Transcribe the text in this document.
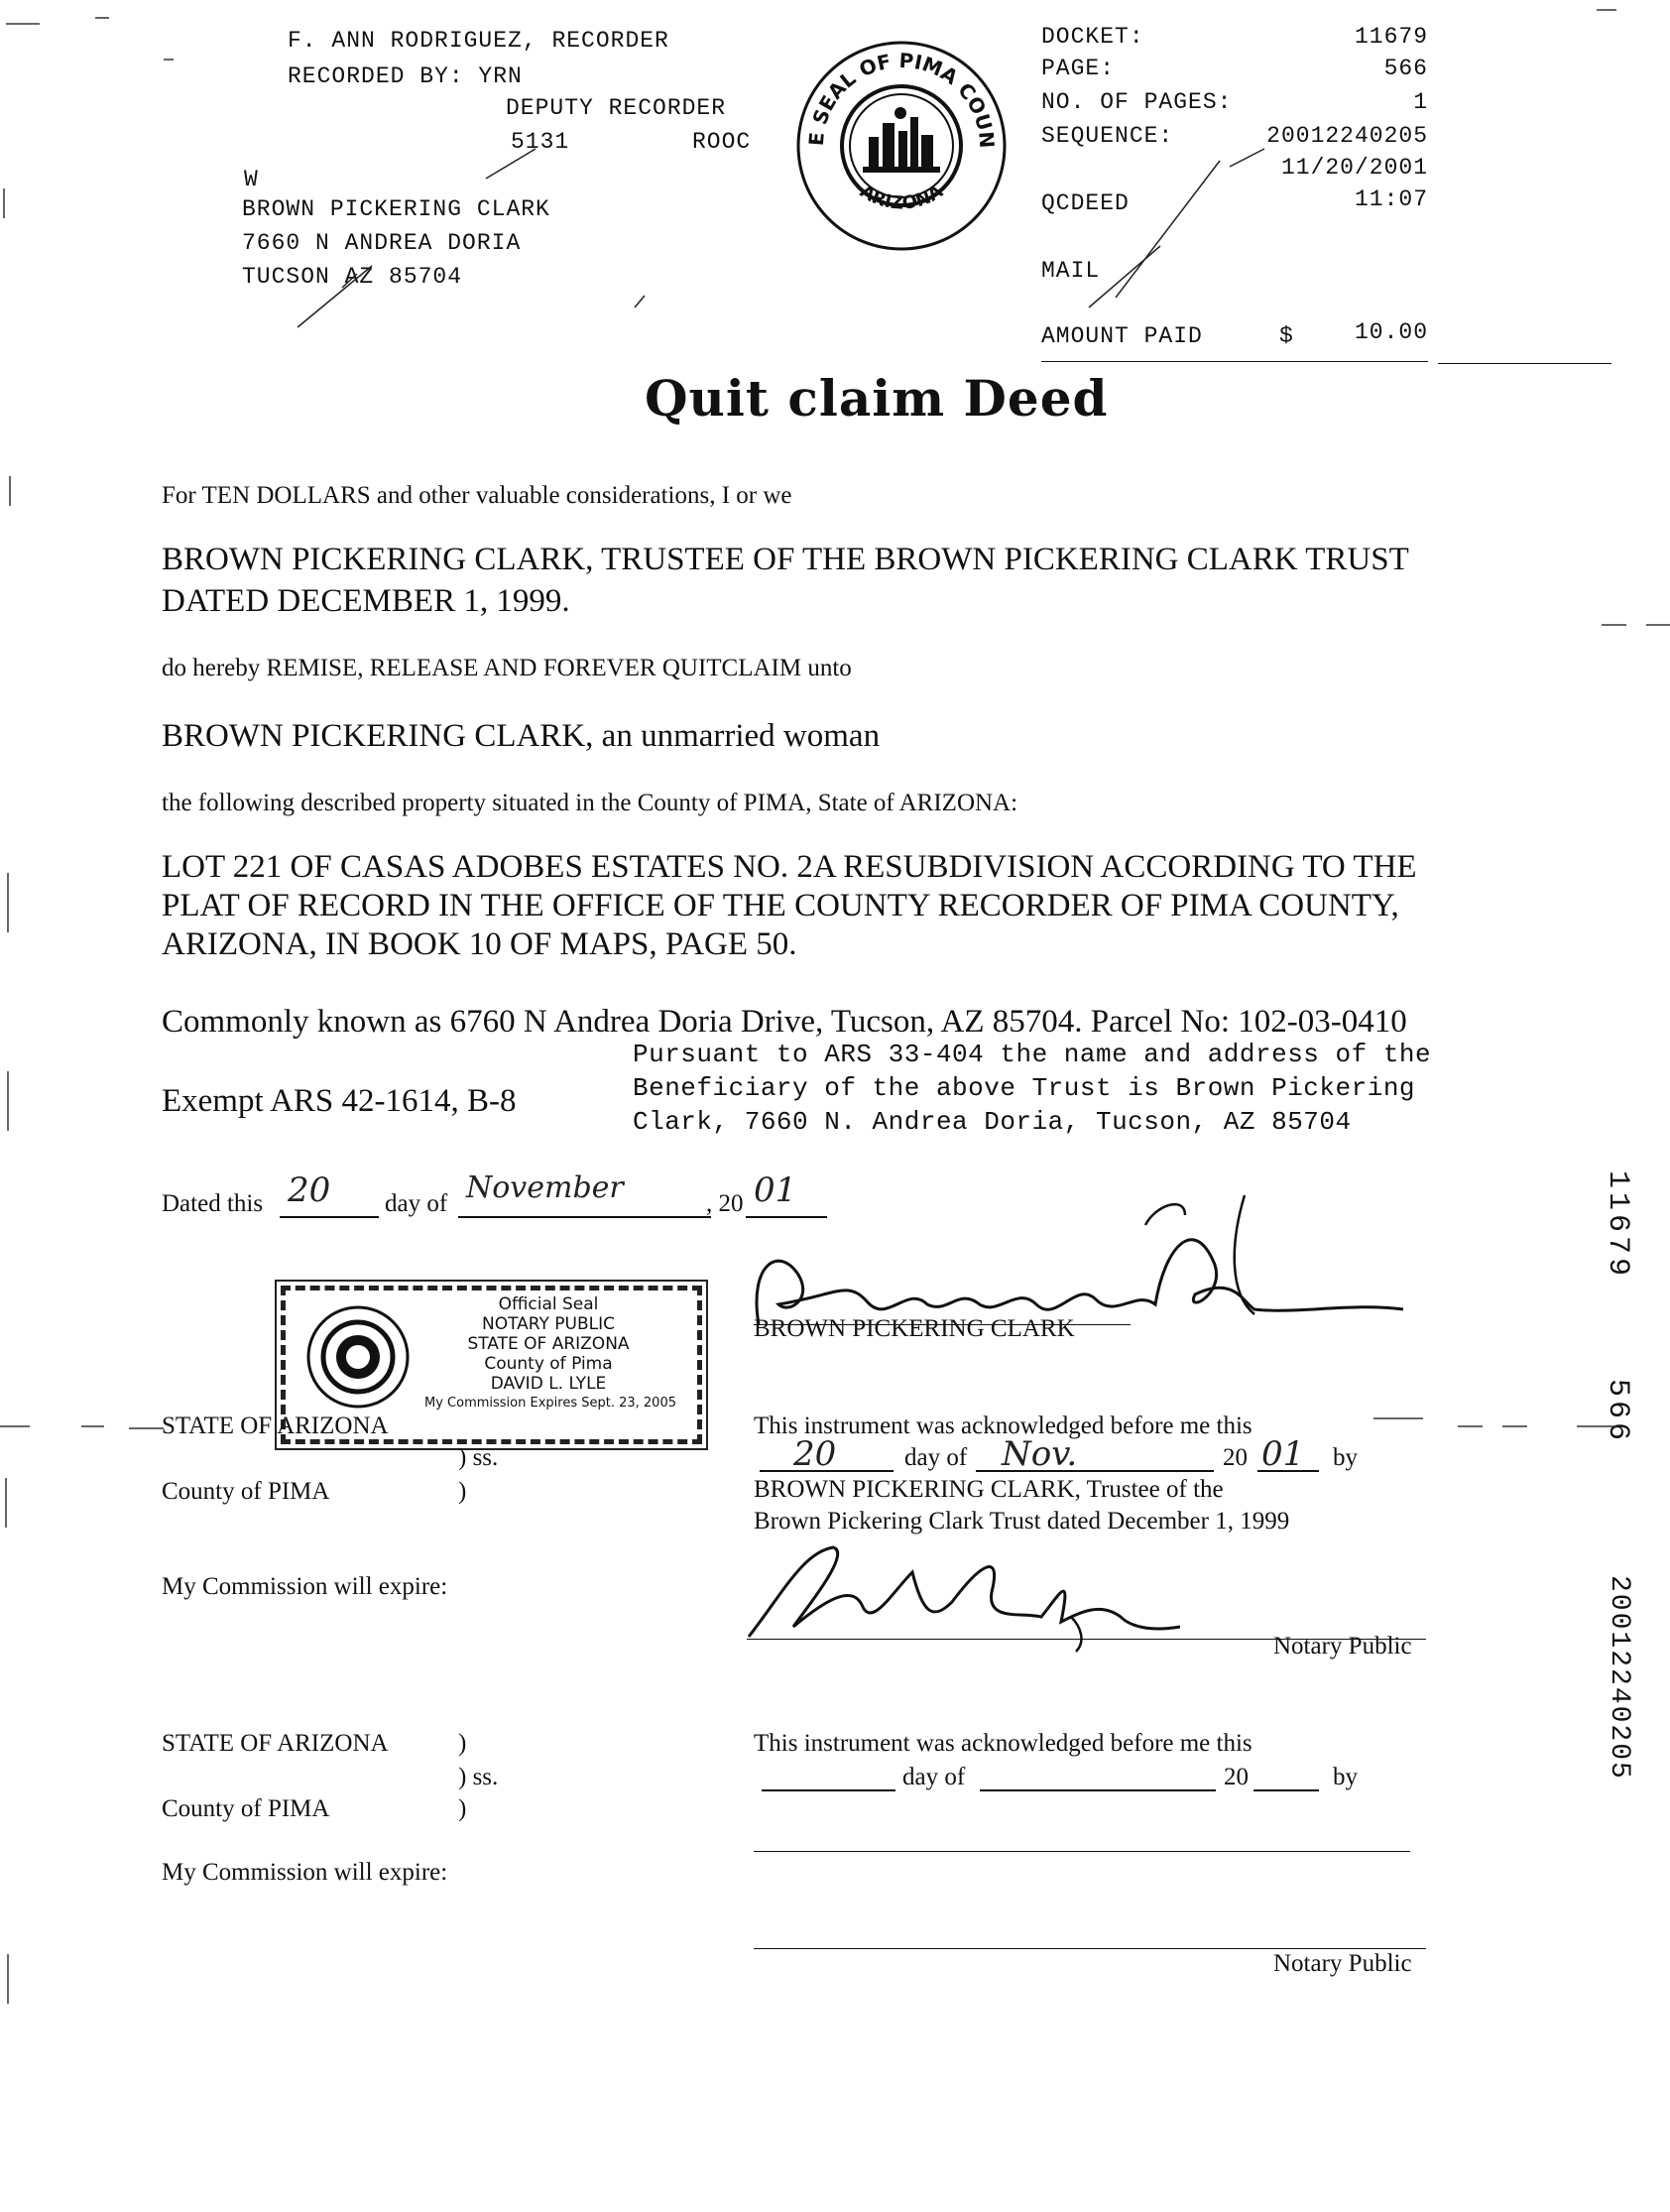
F. ANN RODRIGUEZ, RECORDER
RECORDED BY: YRN
DEPUTY RECORDER
5131	ROOC
W
BROWN PICKERING CLARK
7660 N ANDREA DORIA
TUCSON AZ 85704
THE SEAL OF PIMA COUNTY
ARIZONA
DOCKET:	11679
PAGE:	566
NO. OF PAGES:	1
SEQUENCE:	20012240205
11/20/2001
QCDEED	11:07
MAIL
AMOUNT PAID	$	10.00
Quit claim Deed
For TEN DOLLARS and other valuable considerations, I or we
BROWN PICKERING CLARK, TRUSTEE OF THE BROWN PICKERING CLARK TRUST
DATED DECEMBER 1, 1999.
do hereby REMISE, RELEASE AND FOREVER QUITCLAIM unto
BROWN PICKERING CLARK, an unmarried woman
the following described property situated in the County of PIMA, State of ARIZONA:
LOT 221 OF CASAS ADOBES ESTATES NO. 2A RESUBDIVISION ACCORDING TO THE
PLAT OF RECORD IN THE OFFICE OF THE COUNTY RECORDER OF PIMA COUNTY,
ARIZONA, IN BOOK 10 OF MAPS, PAGE 50.
Commonly known as 6760 N Andrea Doria Drive, Tucson, AZ 85704. Parcel No: 102-03-0410
Pursuant to ARS 33-404 the name and address of the
Beneficiary of the above Trust is Brown Pickering
Clark, 7660 N. Andrea Doria, Tucson, AZ 85704
Exempt ARS 42-1614, B-8
Dated this 20 day of November	, 20 01
BROWN PICKERING CLARK
Official Seal
NOTARY PUBLIC
STATE OF ARIZONA
County of Pima
DAVID L. LYLE
My Commission Expires Sept. 23, 2005
STATE OF ARIZONA
) ss.
County of PIMA	)
My Commission will expire:
This instrument was acknowledged before me this
20	day of Nov.	20 01 by
BROWN PICKERING CLARK, Trustee of the
Brown Pickering Clark Trust dated December 1, 1999
Notary Public
STATE OF ARIZONA	)
) ss.
County of PIMA	)
My Commission will expire:
This instrument was acknowledged before me this
day of	20	by
Notary Public
11679
566
20012240205
